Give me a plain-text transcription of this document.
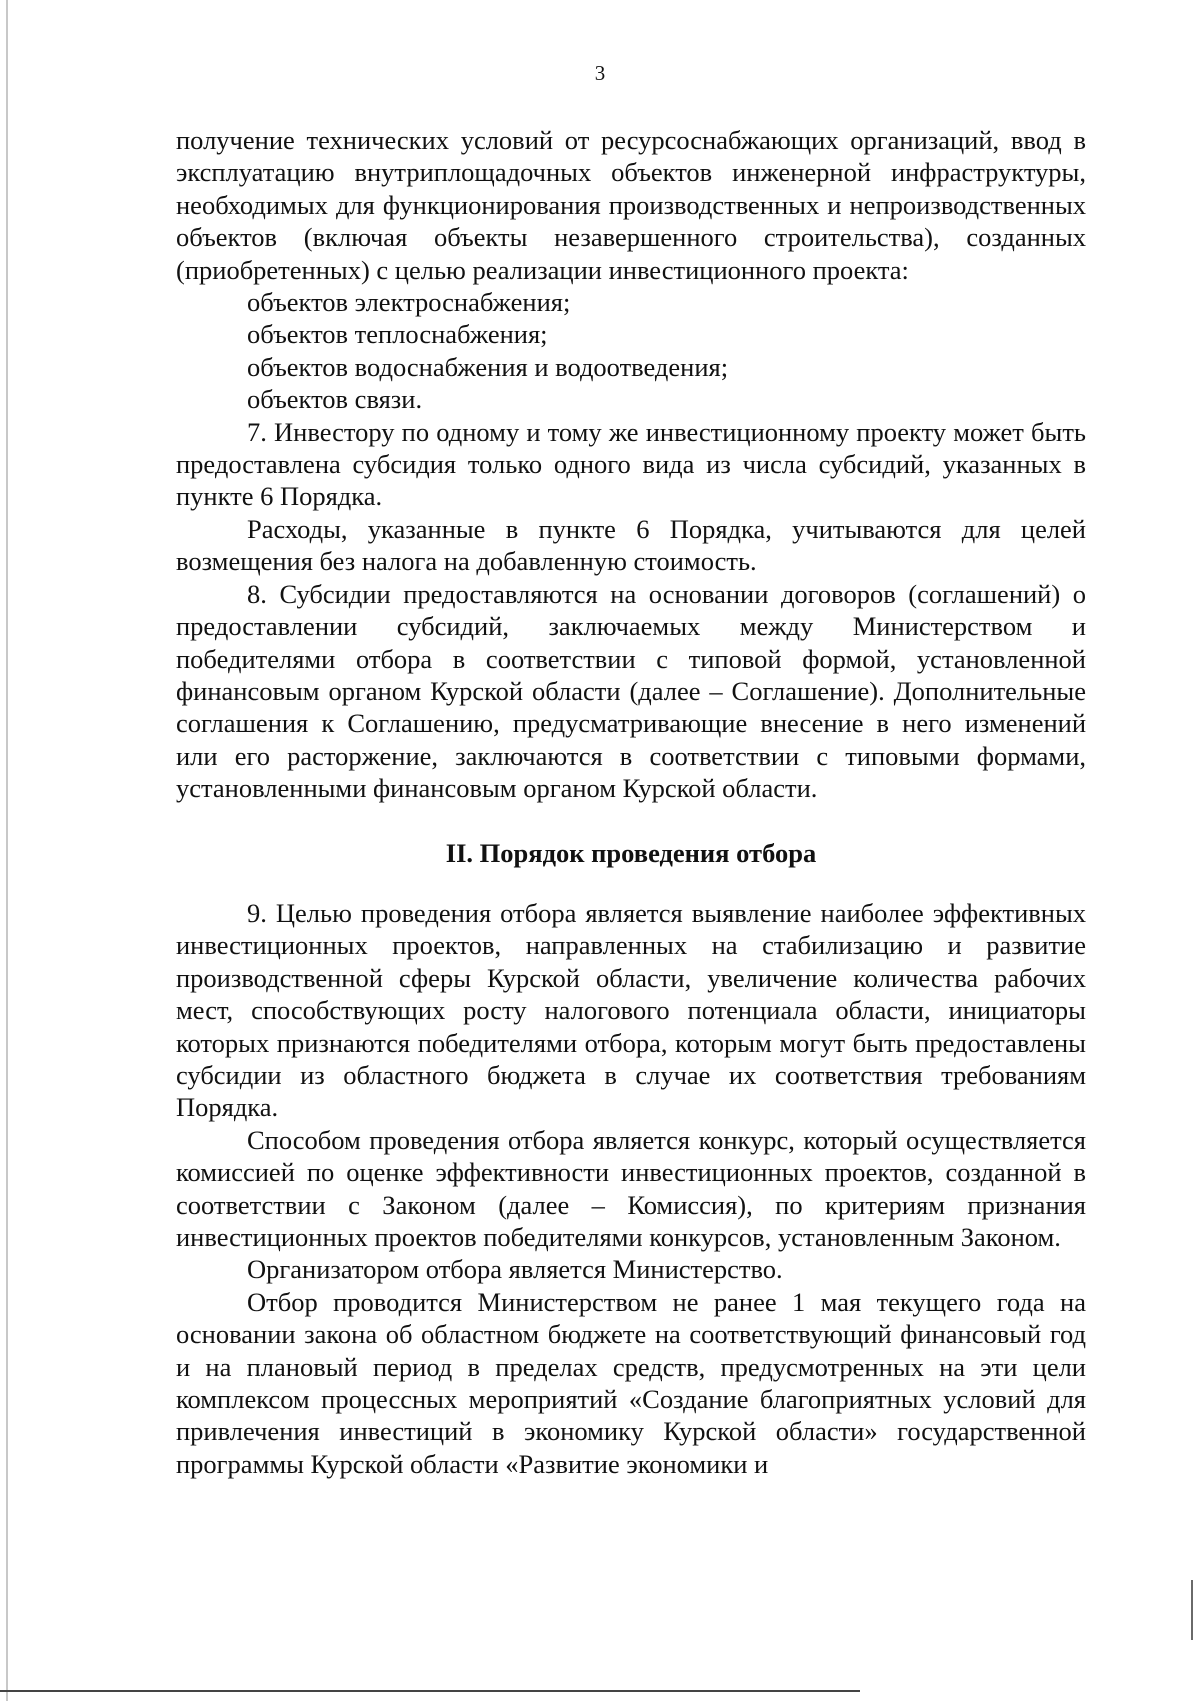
3

получение технических условий от ресурсоснабжающих организаций, ввод в эксплуатацию внутриплощадочных объектов инженерной инфраструктуры, необходимых для функционирования производственных и непроизводственных объектов (включая объекты незавершенного строительства), созданных (приобретенных) с целью реализации инвестиционного проекта:

объектов электроснабжения;

объектов теплоснабжения;

объектов водоснабжения и водоотведения;

объектов связи.

7. Инвестору по одному и тому же инвестиционному проекту может быть предоставлена субсидия только одного вида из числа субсидий, указанных в пункте 6 Порядка.

Расходы, указанные в пункте 6 Порядка, учитываются для целей возмещения без налога на добавленную стоимость.

8. Субсидии предоставляются на основании договоров (соглашений) о предоставлении субсидий, заключаемых между Министерством и победителями отбора в соответствии с типовой формой, установленной финансовым органом Курской области (далее – Соглашение). Дополнительные соглашения к Соглашению, предусматривающие внесение в него изменений или его расторжение, заключаются в соответствии с типовыми формами, установленными финансовым органом Курской области.

II. Порядок проведения отбора

9. Целью проведения отбора является выявление наиболее эффективных инвестиционных проектов, направленных на стабилизацию и развитие производственной сферы Курской области, увеличение количества рабочих мест, способствующих росту налогового потенциала области, инициаторы которых признаются победителями отбора, которым могут быть предоставлены субсидии из областного бюджета в случае их соответствия требованиям Порядка.

Способом проведения отбора является конкурс, который осуществляется комиссией по оценке эффективности инвестиционных проектов, созданной в соответствии с Законом (далее – Комиссия), по критериям признания инвестиционных проектов победителями конкурсов, установленным Законом.

Организатором отбора является Министерство.

Отбор проводится Министерством не ранее 1 мая текущего года на основании закона об областном бюджете на соответствующий финансовый год и на плановый период в пределах средств, предусмотренных на эти цели комплексом процессных мероприятий «Создание благоприятных условий для привлечения инвестиций в экономику Курской области» государственной программы Курской области «Развитие экономики и
